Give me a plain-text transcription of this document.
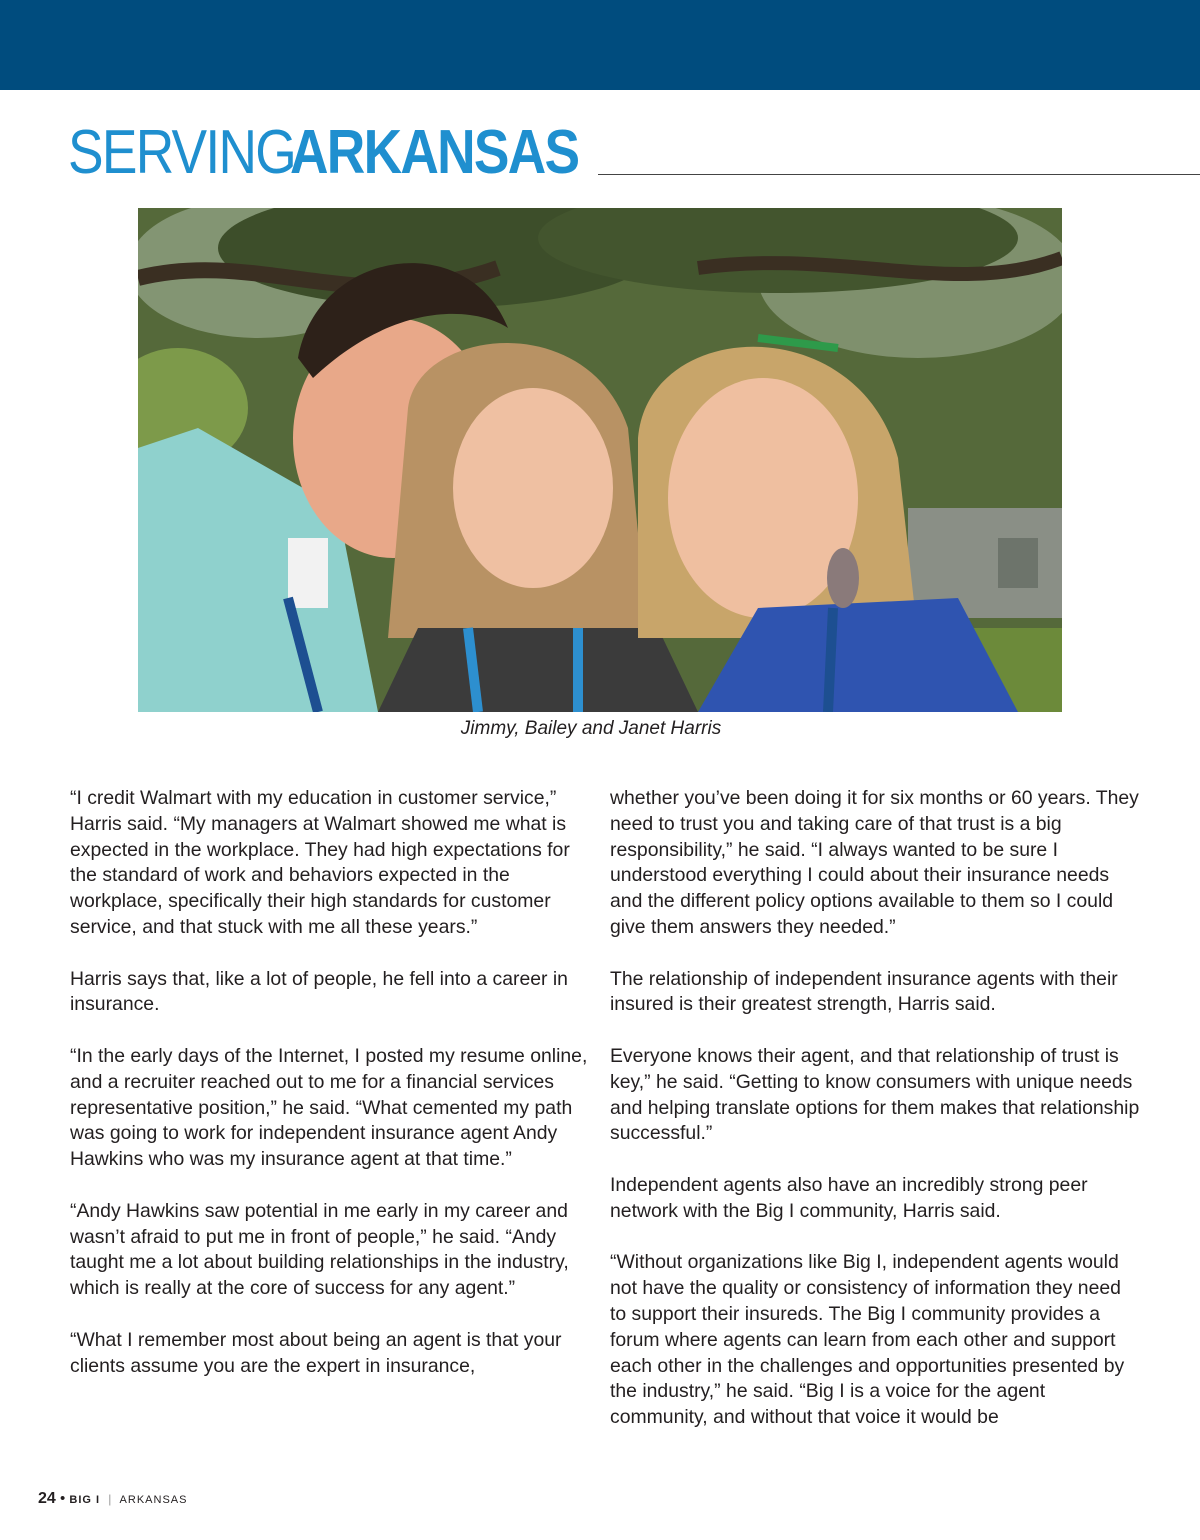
SERVING
ARKANSAS
Jimmy, Bailey and Janet Harris

“I credit Walmart with my education in customer service,” Harris said. “My managers at Walmart showed me what is expected in the workplace. They had high expectations for the standard of work and behaviors expected in the workplace, specifically their high standards for customer service, and that stuck with me all these years.”

Harris says that, like a lot of people, he fell into a career in insurance.

“In the early days of the Internet, I posted my resume online, and a recruiter reached out to me for a financial services representative position,” he said. “What cemented my path was going to work for independent insurance agent Andy Hawkins who was my insurance agent at that time.”

“Andy Hawkins saw potential in me early in my career and wasn’t afraid to put me in front of people,” he said. “Andy taught me a lot about building relationships in the industry, which is really at the core of success for any agent.”

“What I remember most about being an agent is that your clients assume you are the expert in insurance,

whether you’ve been doing it for six months or 60 years. They need to trust you and taking care of that trust is a big responsibility,” he said. “I always wanted to be sure I understood everything I could about their insurance needs and the different policy options available to them so I could give them answers they needed.”

The relationship of independent insurance agents with their insured is their greatest strength, Harris said.

Everyone knows their agent, and that relationship of trust is key,” he said. “Getting to know consumers with unique needs and helping translate options for them makes that relationship successful.”

Independent agents also have an incredibly strong peer network with the Big I community, Harris said.

“Without organizations like Big I, independent agents would not have the quality or consistency of information they need to support their insureds. The Big I community provides a forum where agents can learn from each other and support each other in the challenges and opportunities presented by the industry,” he said. “Big I is a voice for the agent community, and without that voice it would be

24 • BIG I | ARKANSAS
